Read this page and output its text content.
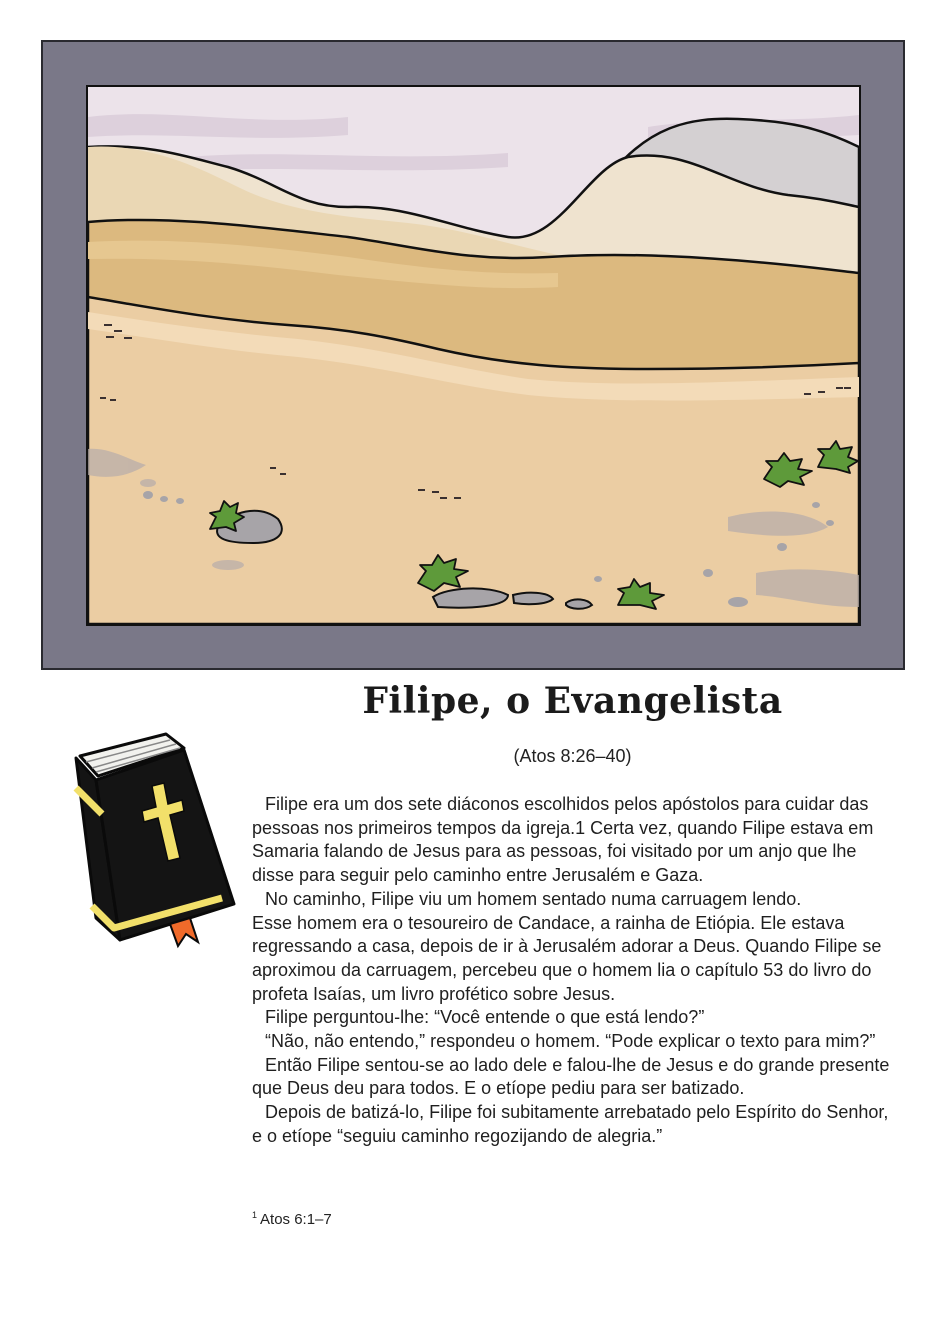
Filipe, o Evangelista
(Atos 8:26–40)

Filipe era um dos sete diáconos escolhidos pelos apóstolos para cuidar das pessoas nos primeiros tempos da igreja.1 Certa vez, quando Filipe estava em Samaria falando de Jesus para as pessoas, foi visitado por um anjo que lhe disse para seguir pelo caminho entre Jerusalém e Gaza.

No caminho, Filipe viu um homem sentado numa carruagem lendo.

Esse homem era o tesoureiro de Candace, a rainha de Etiópia. Ele estava regressando a casa, depois de ir à Jerusalém adorar a Deus. Quando Filipe se aproximou da carruagem, percebeu que o homem lia o capítulo 53 do livro do profeta Isaías, um livro profético sobre Jesus.

Filipe perguntou-lhe: “Você entende o que está lendo?”

“Não, não entendo,” respondeu o homem. “Pode explicar o texto para mim?”

Então Filipe sentou-se ao lado dele e falou-lhe de Jesus e do grande presente que Deus deu para todos. E o etíope pediu para ser batizado.

Depois de batizá-lo, Filipe foi subitamente arrebatado pelo Espírito do Senhor, e o etíope “seguiu caminho regozijando de alegria.”

$^1$ Atos 6:1–7
